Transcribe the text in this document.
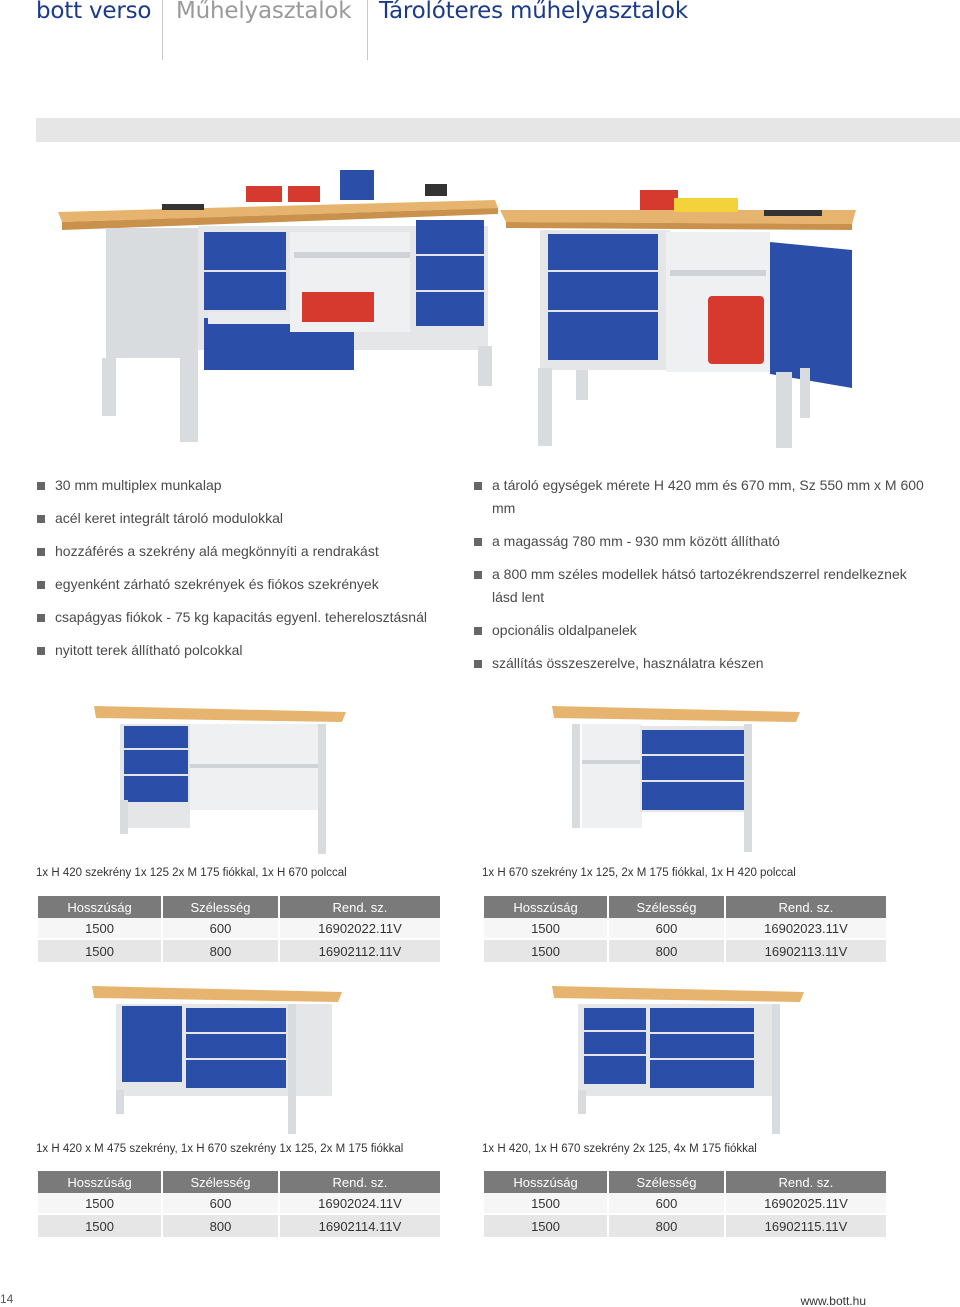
bott verso Műhelyasztalok Tárolóteres műhelyasztalok
30 mm multiplex munkalap
acél keret integrált tároló modulokkal
hozzáférés a szekrény alá megkönnyíti a rendrakást
egyenként zárható szekrények és fiókos szekrények
csapágyas fiókok - 75 kg kapacitás egyenl. teherelosztásnál
nyitott terek állítható polcokkal
a tároló egységek mérete H 420 mm és 670 mm, Sz 550 mm x M 600 mm
a magasság 780 mm - 930 mm között állítható
a 800 mm széles modellek hátsó tartozékrendszerrel rendelkeznek lásd lent
opcionális oldalpanelek
szállítás összeszerelve, használatra készen
1x H 420 szekrény 1x 125 2x M 175 fiókkal, 1x H 670 polccal
Hosszúság	Szélesség	Rend. sz.
1500	600	16902022.11V
1500	800	16902112.11V
1x H 670 szekrény 1x 125, 2x M 175 fiókkal, 1x H 420 polccal
Hosszúság	Szélesség	Rend. sz.
1500	600	16902023.11V
1500	800	16902113.11V
1x H 420 x M 475 szekrény, 1x H 670 szekrény 1x 125, 2x M 175 fiókkal
Hosszúság	Szélesség	Rend. sz.
1500	600	16902024.11V
1500	800	16902114.11V
1x H 420, 1x H 670 szekrény 2x 125, 4x M 175 fiókkal
Hosszúság	Szélesség	Rend. sz.
1500	600	16902025.11V
1500	800	16902115.11V
14	www.bott.hu
